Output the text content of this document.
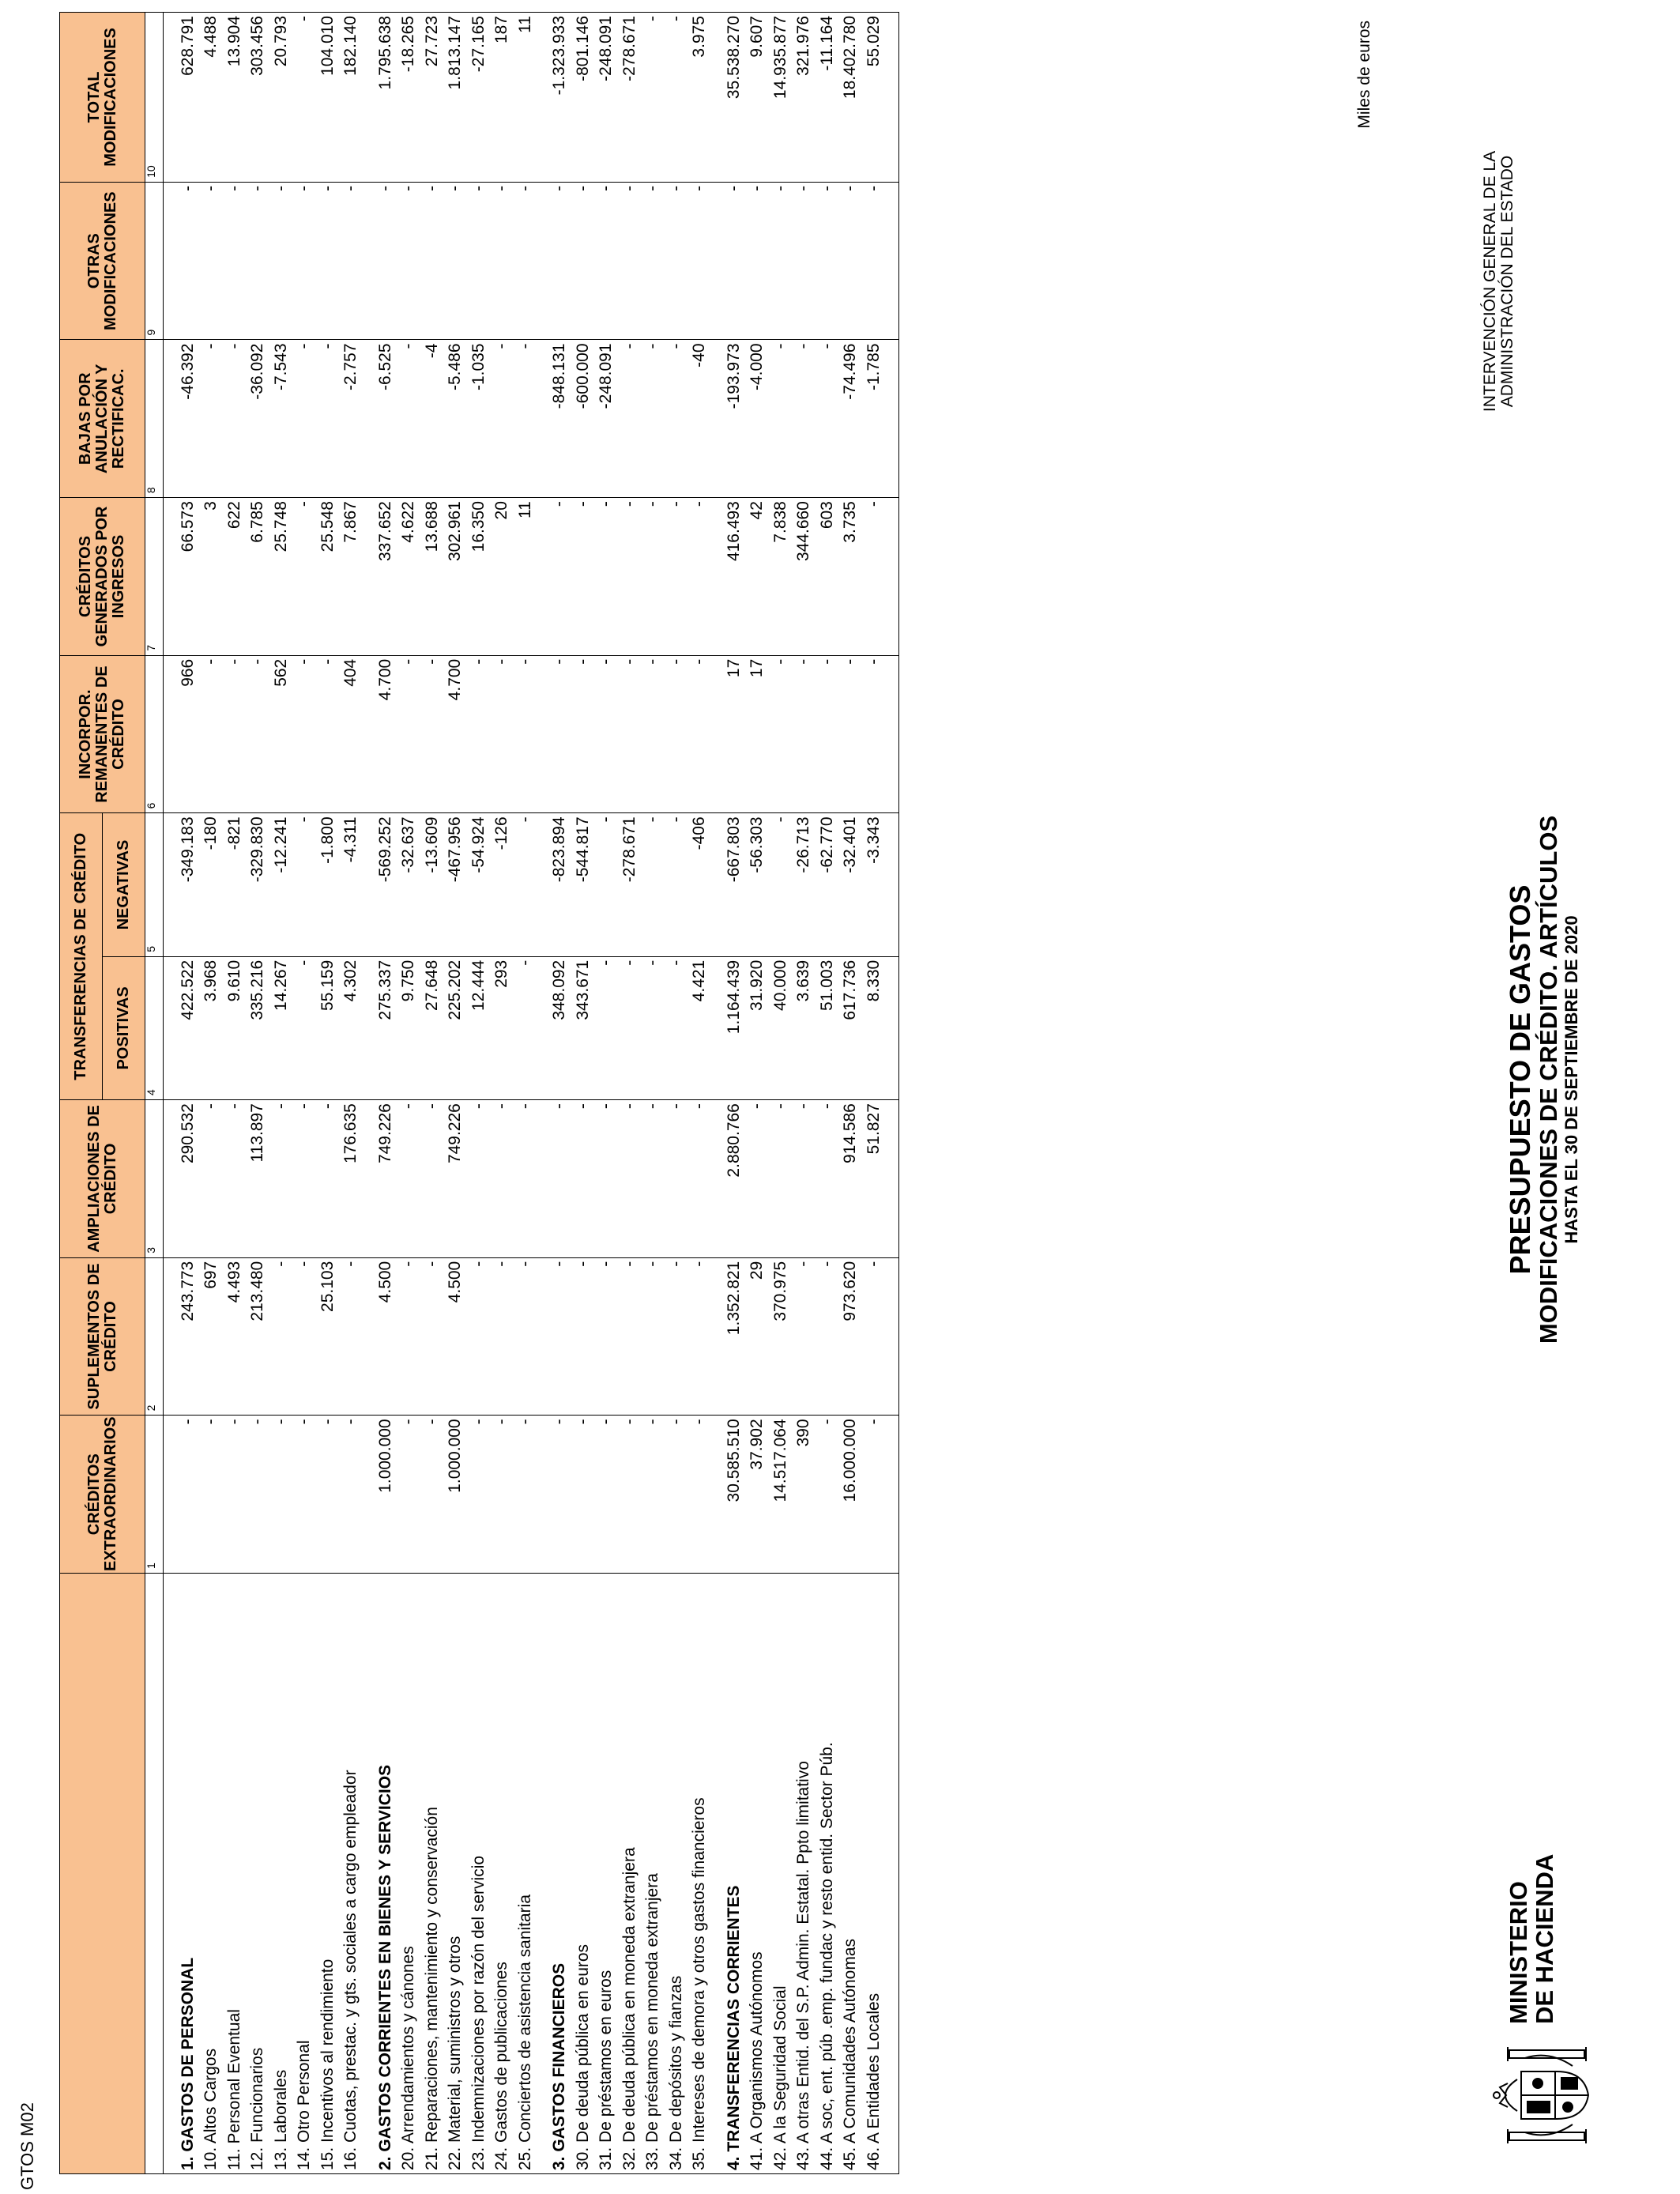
GTOS M02
MINISTERIO
DE HACIENDA
PRESUPUESTO DE GASTOS
MODIFICACIONES DE CRÉDITO. ARTÍCULOS HASTA EL 30 DE SEPTIEMBRE DE 2020
INTERVENCIÓN GENERAL DE LA ADMINISTRACIÓN DEL ESTADO
Miles de euros
	CRÉDITOS EXTRAORDINARIOS	SUPLEMENTOS DE CRÉDITO	AMPLIACIONES DE CRÉDITO	TRANSFERENCIAS DE CRÉDITO		INCORPOR. REMANENTES DE CRÉDITO	CRÉDITOS GENERADOS POR INGRESOS	BAJAS POR ANULACIÓN Y RECTIFICAC.	OTRAS MODIFICACIONES	TOTAL MODIFICACIONES
				POSITIVAS	NEGATIVAS					
	1	2	3	4	5	6	7	8	9	10

1. GASTOS DE PERSONAL	-	243.773	290.532	422.522	-349.183	966	66.573	-46.392	-	628.791
10. Altos Cargos	-	697	-	3.968	-180	-	3	-	-	4.488
11. Personal Eventual	-	4.493	-	9.610	-821	-	622	-	-	13.904
12. Funcionarios	-	213.480	113.897	335.216	-329.830	-	6.785	-36.092	-	303.456
13. Laborales	-	-	-	14.267	-12.241	562	25.748	-7.543	-	20.793
14. Otro Personal	-	-	-	-	-	-	-	-	-	-
15. Incentivos al rendimiento	-	25.103	-	55.159	-1.800	-	25.548	-	-	104.010
16. Cuotas, prestac. y gts. sociales a cargo empleador	-	-	176.635	4.302	-4.311	404	7.867	-2.757	-	182.140

2. GASTOS CORRIENTES EN BIENES Y SERVICIOS	1.000.000	4.500	749.226	275.337	-569.252	4.700	337.652	-6.525	-	1.795.638
20. Arrendamientos y cánones	-	-	-	9.750	-32.637	-	4.622	-	-	-18.265
21. Reparaciones, mantenimiento y conservación	-	-	-	27.648	-13.609	-	13.688	-4	-	27.723
22. Material, suministros y otros	1.000.000	4.500	749.226	225.202	-467.956	4.700	302.961	-5.486	-	1.813.147
23. Indemnizaciones por razón del servicio	-	-	-	12.444	-54.924	-	16.350	-1.035	-	-27.165
24. Gastos de publicaciones	-	-	-	293	-126	-	20	-	-	187
25. Conciertos de asistencia sanitaria	-	-	-	-	-	-	11	-	-	11

3. GASTOS FINANCIEROS	-	-	-	348.092	-823.894	-	-	-848.131	-	-1.323.933
30. De deuda pública en euros	-	-	-	343.671	-544.817	-	-	-600.000	-	-801.146
31. De préstamos en euros	-	-	-	-	-	-	-	-248.091	-	-248.091
32. De deuda pública en moneda extranjera	-	-	-	-	-278.671	-	-	-	-	-278.671
33. De préstamos en moneda extranjera	-	-	-	-	-	-	-	-	-	-
34. De depósitos y fianzas	-	-	-	-	-	-	-	-	-	-
35. Intereses de demora y otros gastos financieros	-	-	-	4.421	-406	-	-	-40	-	3.975

4. TRANSFERENCIAS CORRIENTES	30.585.510	1.352.821	2.880.766	1.164.439	-667.803	17	416.493	-193.973	-	35.538.270
41. A Organismos Autónomos	37.902	29	-	31.920	-56.303	17	42	-4.000	-	9.607
42. A la Seguridad Social	14.517.064	370.975	-	40.000	-	-	7.838	-	-	14.935.877
43. A otras Entid. del S.P. Admin. Estatal. Ppto limitativo	390	-	-	3.639	-26.713	-	344.660	-	-	321.976
44. A soc, ent. púb .emp. fundac y resto entid. Sector Púb.	-	-	-	51.003	-62.770	-	603	-	-	-11.164
45. A Comunidades Autónomas	16.000.000	973.620	914.586	617.736	-32.401	-	3.735	-74.496	-	18.402.780
46. A Entidades Locales	-	-	51.827	8.330	-3.343	-	-	-1.785	-	55.029
